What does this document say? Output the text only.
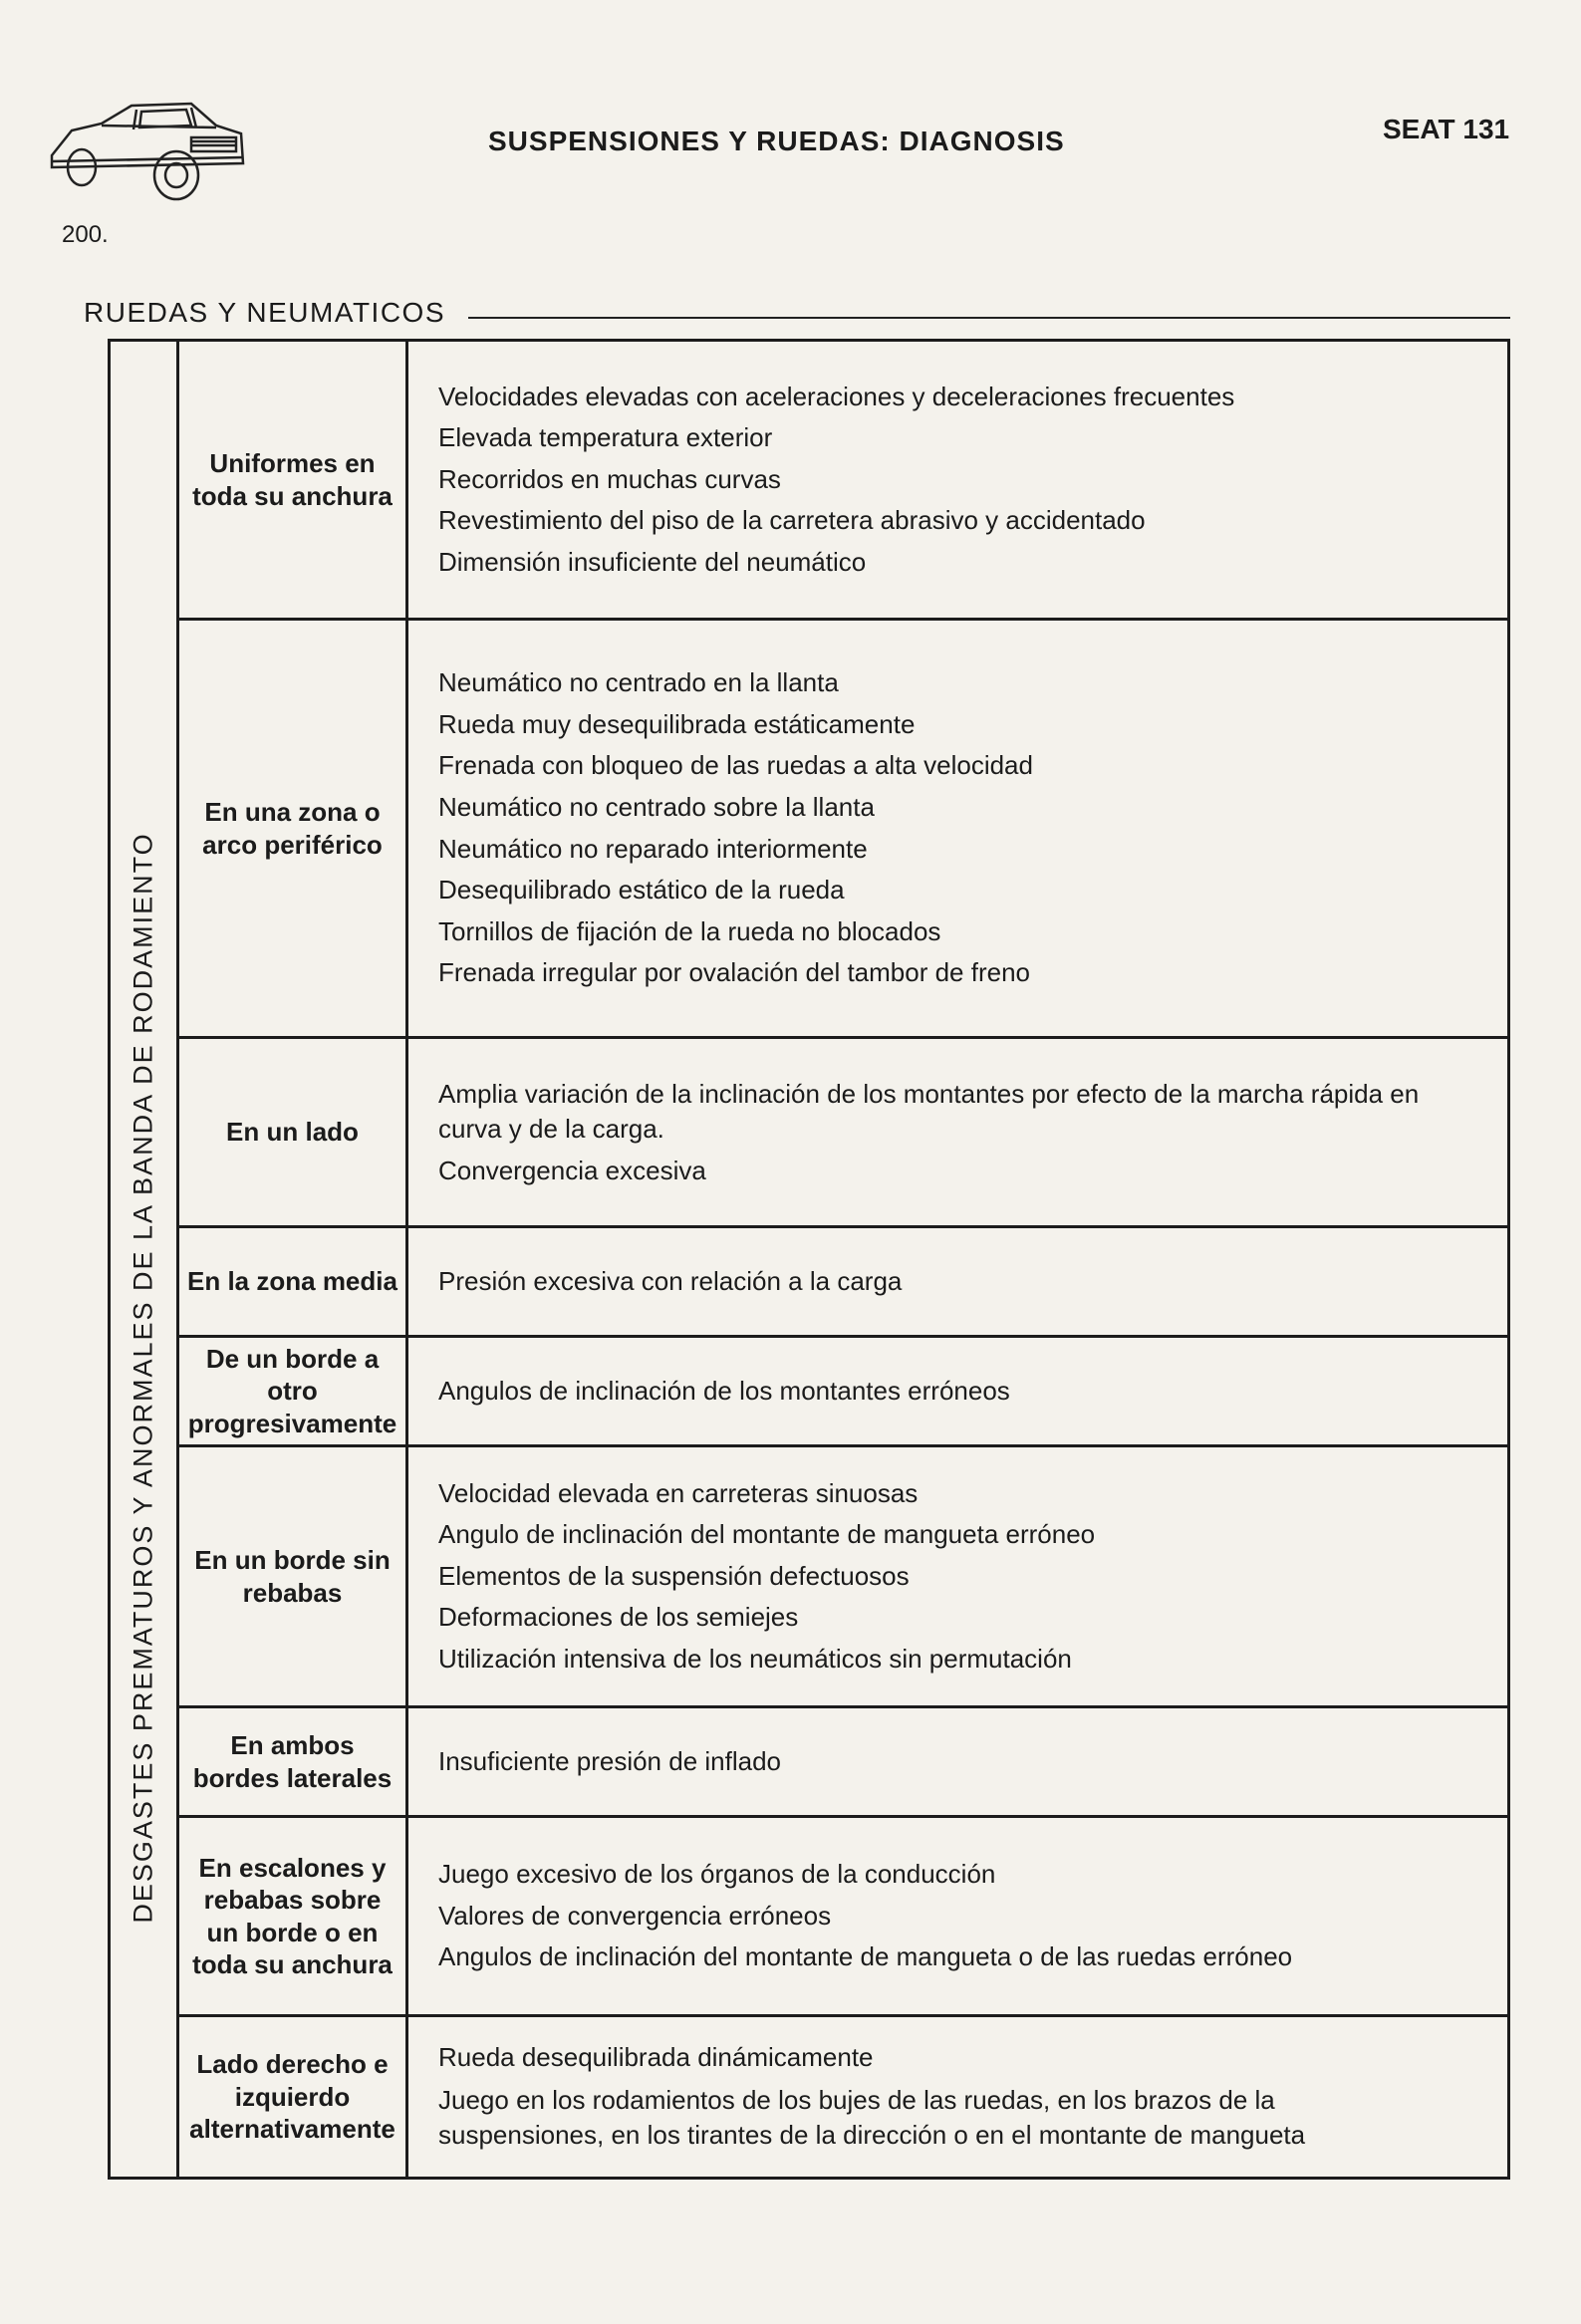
200.
SUSPENSIONES Y RUEDAS: DIAGNOSIS	SEAT 131
RUEDAS Y NEUMATICOS
DESGASTES PREMATUROS Y ANORMALES DE LA BANDA DE RODAMIENTO
Uniformes en toda su anchura
Velocidades elevadas con aceleraciones y deceleraciones frecuentes
Elevada temperatura exterior
Recorridos en muchas curvas
Revestimiento del piso de la carretera abrasivo y accidentado
Dimensión insuficiente del neumático
En una zona o arco periférico
Neumático no centrado en la llanta
Rueda muy desequilibrada estáticamente
Frenada con bloqueo de las ruedas a alta velocidad
Neumático no centrado sobre la llanta
Neumático no reparado interiormente
Desequilibrado estático de la rueda
Tornillos de fijación de la rueda no blocados
Frenada irregular por ovalación del tambor de freno
En un lado
Amplia variación de la inclinación de los montantes por efecto de la marcha rápida en curva y de la carga.
Convergencia excesiva
En la zona media	Presión excesiva con relación a la carga
De un borde a otro progresivamente
Angulos de inclinación de los montantes erróneos
En un borde sin rebabas
Velocidad elevada en carreteras sinuosas
Angulo de inclinación del montante de mangueta erróneo
Elementos de la suspensión defectuosos
Deformaciones de los semiejes
Utilización intensiva de los neumáticos sin permutación
En ambos bordes laterales
Insuficiente presión de inflado
En escalones y rebabas sobre un borde o en toda su anchura
Juego excesivo de los órganos de la conducción
Valores de convergencia erróneos
Angulos de inclinación del montante de mangueta o de las ruedas erróneo
Lado derecho e izquierdo alternativamente
Rueda desequilibrada dinámicamente
Juego en los rodamientos de los bujes de las ruedas, en los brazos de la suspensiones, en los tirantes de la dirección o en el montante de mangueta
